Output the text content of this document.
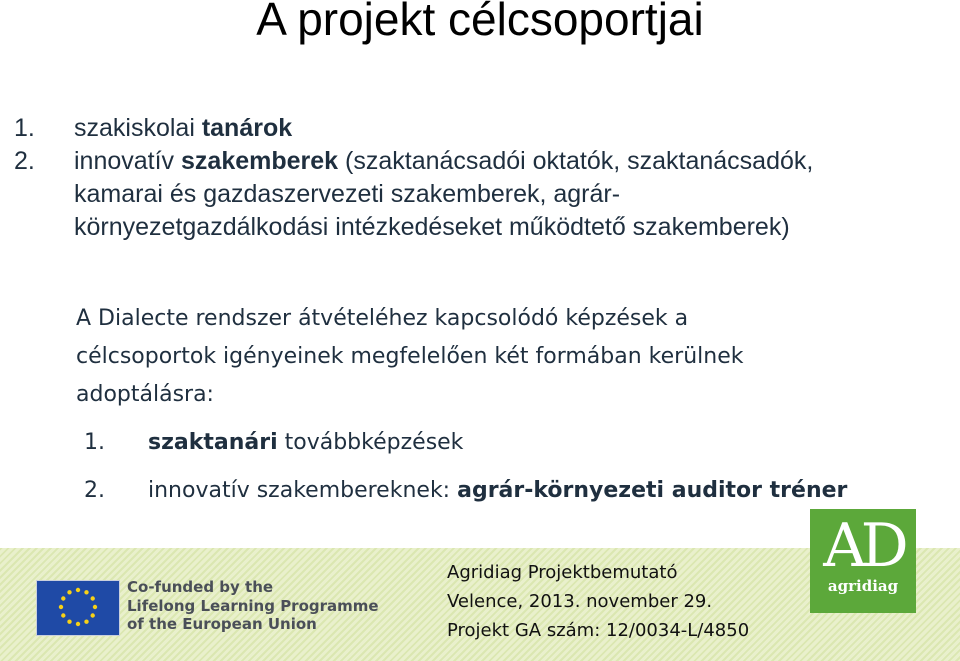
A projekt célcsoportjai
1.	szakiskolai tanárok
2.	innovatív szakemberek (szaktanácsadói oktatók, szaktanácsadók,
kamarai és gazdaszervezeti szakemberek, agrár-
környezetgazdálkodási intézkedéseket működtető szakemberek)
A Dialecte rendszer átvételéhez kapcsolódó képzések a
célcsoportok igényeinek megfelelően két formában kerülnek
adoptálásra:
1.	szaktanári továbbképzések
2.	innovatív szakembereknek: agrár-környezeti auditor tréner
Co-funded by the
Lifelong Learning Programme
of the European Union
Agridiag Projektbemutató
Velence, 2013. november 29.
Projekt GA szám: 12/0034-L/4850
AD
agridiag
